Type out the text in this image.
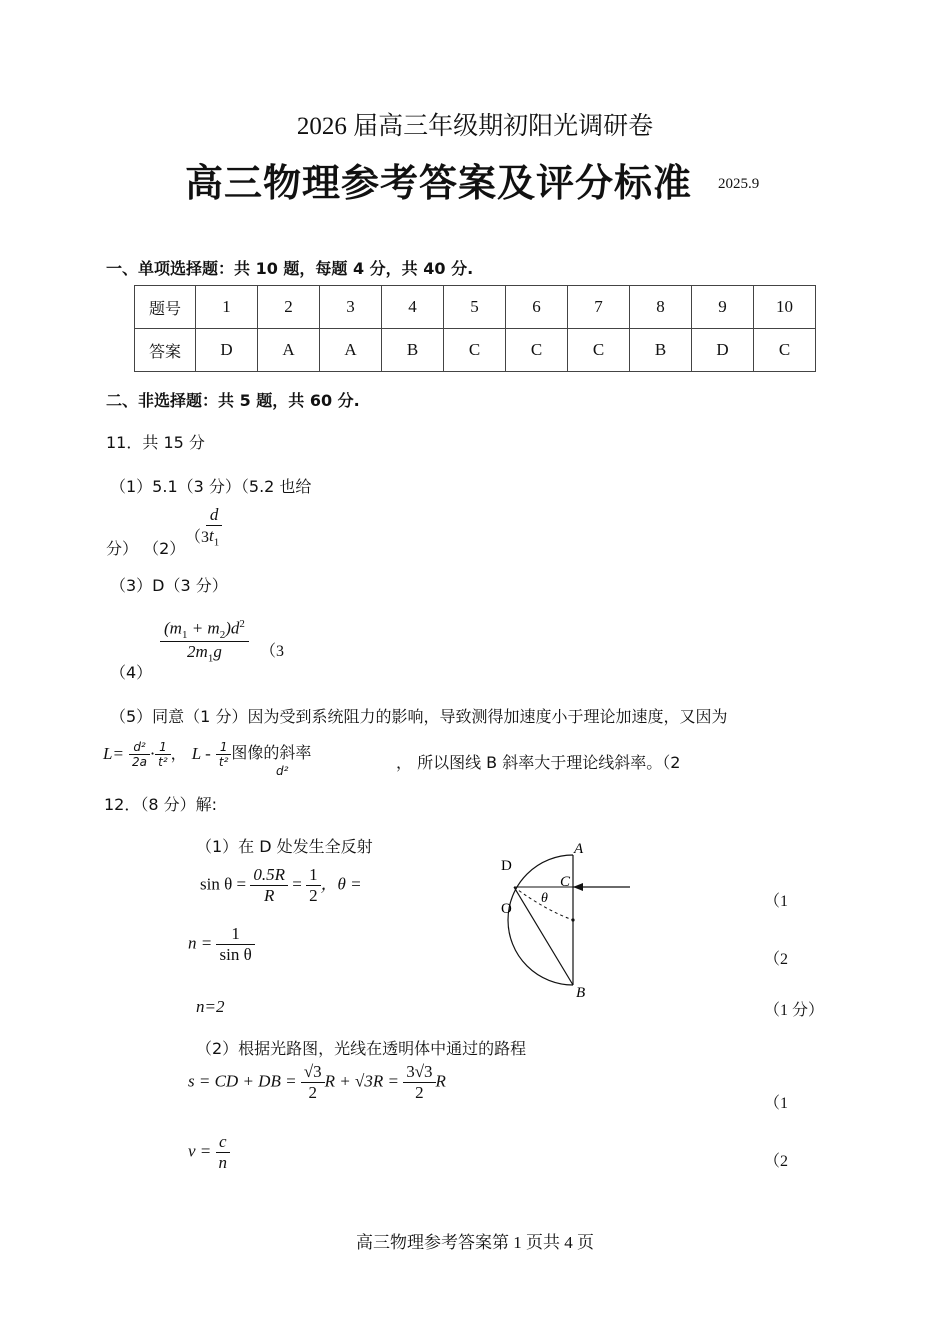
2026 届高三年级期初阳光调研卷
高三物理参考答案及评分标准 2025.9
一、单项选择题：共 10 题，每题 4 分，共 40 分.
题号	1	2	3	4	5	6	7	8	9	10
答案	D	A	A	B	C	C	C	B	D	C
二、非选择题：共 5 题，共 60 分.
11．共 15 分
（1）5.1（3 分）（5.2 也给
分） （2）
（3
$\frac{d}{t_1}$
（3）D（3 分）
（4）
$\frac{(m_1 + m_2)d^2}{2m_1g} (3$
（5）同意（1 分）因为受到系统阻力的影响，导致测得加速度小于理论加速度，又因为
$L= \frac{\text{d²}}{2a} \cdot \frac{1}{\text{t²}}$ ， L - $\frac{1}{\text{t²}}$ 图像的斜率
d²	， 所以图线 B 斜率大于理论线斜率。（2
12．（8 分）解:
（1）在 D 处发生全反射
$\sin \theta = \frac{0.5R}{R} = \frac{1}{2}$ ，θ =
$n = \frac{1}{\text{sin θ}}$
n=2
（1
（2
（1 分）
（2）根据光路图，光线在透明体中通过的路程
s = CD + DB = $\frac{√3}{2}$ $R + √3R = \frac{3√3}{2}$ R
（1
$v = \frac{c}{n}$	（2
A
B
C
D
O
θ
高三物理参考答案第 1 页共 4 页
